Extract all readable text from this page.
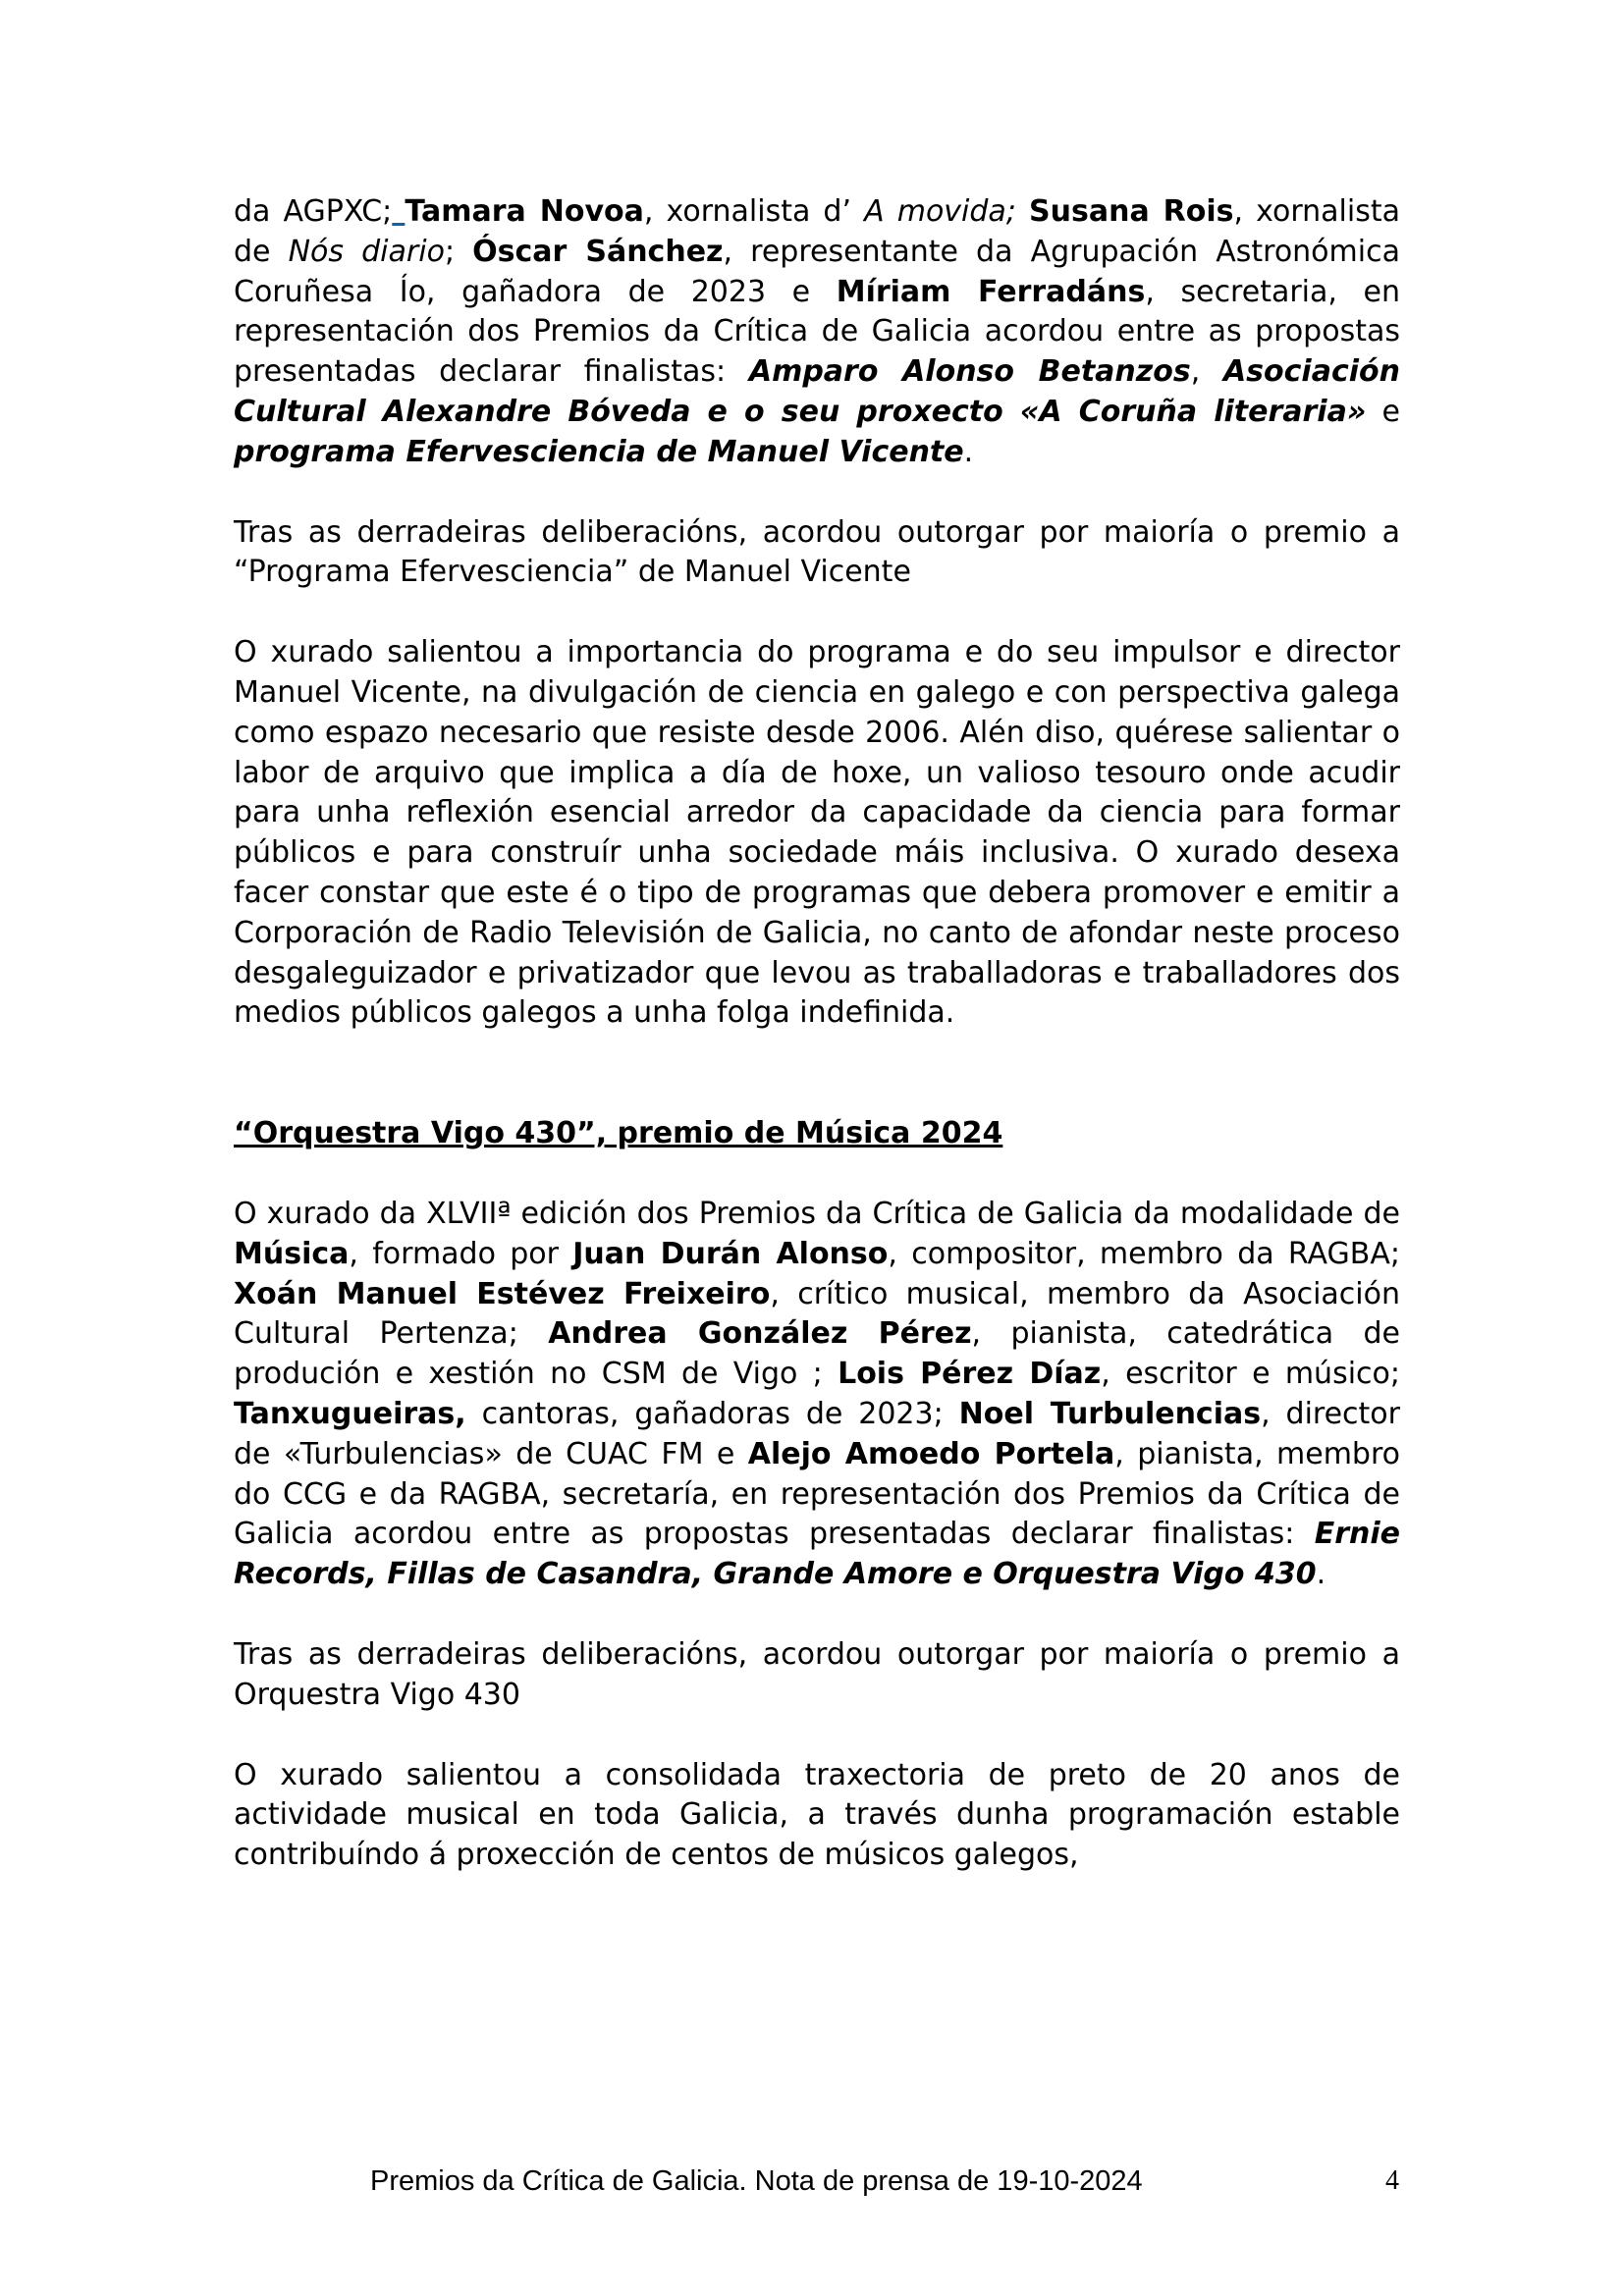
da AGPXC; Tamara Novoa, xornalista d’ A movida; Susana Rois, xornalista de Nós diario; Óscar Sánchez, representante da Agrupación Astronómica Coruñesa Ío, gañadora de 2023 e Míriam Ferradáns, secretaria, en representación dos Premios da Crítica de Galicia acordou entre as propostas presentadas declarar finalistas: Amparo Alonso Betanzos, Asociación Cultural Alexandre Bóveda e o seu proxecto «A Coruña literaria» e programa Efervesciencia de Manuel Vicente.

Tras as derradeiras deliberacións, acordou outorgar por maioría o premio a “Programa Efervesciencia” de Manuel Vicente

O xurado salientou a importancia do programa e do seu impulsor e director Manuel Vicente, na divulgación de ciencia en galego e con perspectiva galega como espazo necesario que resiste desde 2006. Alén diso, quérese salientar o labor de arquivo que implica a día de hoxe, un valioso tesouro onde acudir para unha reflexión esencial arredor da capacidade da ciencia para formar públicos e para construír unha sociedade máis inclusiva. O xurado desexa facer constar que este é o tipo de programas que debera promover e emitir a Corporación de Radio Televisión de Galicia, no canto de afondar neste proceso desgaleguizador e privatizador que levou as traballadoras e traballadores dos medios públicos galegos a unha folga indefinida.

“Orquestra Vigo 430”, premio de Música 2024

O xurado da XLVIIª edición dos Premios da Crítica de Galicia da modalidade de Música, formado por Juan Durán Alonso, compositor, membro da RAGBA; Xoán Manuel Estévez Freixeiro, crítico musical, membro da Asociación Cultural Pertenza; Andrea González Pérez, pianista, catedrática de produción e xestión no CSM de Vigo ; Lois Pérez Díaz, escritor e músico; Tanxugueiras, cantoras, gañadoras de 2023; Noel Turbulencias, director de «Turbulencias» de CUAC FM e Alejo Amoedo Portela, pianista, membro do CCG e da RAGBA, secretaría, en representación dos Premios da Crítica de Galicia acordou entre as propostas presentadas declarar finalistas: Ernie Records, Fillas de Casandra, Grande Amore e Orquestra Vigo 430.

Tras as derradeiras deliberacións, acordou outorgar por maioría o premio a Orquestra Vigo 430

O xurado salientou a consolidada traxectoria de preto de 20 anos de actividade musical en toda Galicia, a través dunha programación estable contribuíndo á proxección de centos de músicos galegos,

Premios da Crítica de Galicia. Nota de prensa de 19-10-2024	4
